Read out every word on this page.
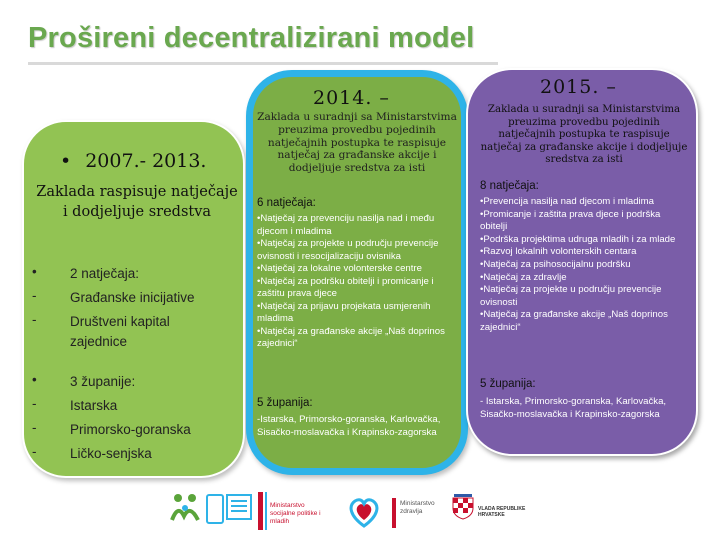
Prošireni decentralizirani model
• 2007.- 2013.
Zaklada raspisuje natječaje i dodjeljuje sredstva
•	2 natječaja:
-	Građanske inicijative
-	Društveni kapital zajednice
•	3 županije:
-	Istarska
-	Primorsko-goranska
-	Ličko-senjska
2014. –
Zaklada u suradnji sa Ministarstvima preuzima provedbu pojedinih natječajnih postupka te raspisuje natječaj za građanske akcije i dodjeljuje sredstva za isti
6 natječaja:
•Natječaj za prevenciju nasilja nad i među djecom i mladima
•Natječaj za projekte u području prevencije ovisnosti i resocijalizaciju ovisnika
•Natječaj za lokalne volonterske centre
•Natječaj za podršku obitelji i promicanje i zaštitu prava djece
•Natječaj za prijavu projekata usmjerenih mladima
•Natječaj za građanske akcije „Naš doprinos zajednici“
5 županija:
-Istarska, Primorsko-goranska, Karlovačka, Sisačko-moslavačka i Krapinsko-zagorska
2015. –
Zaklada u suradnji sa Ministarstvima preuzima provedbu pojedinih natječajnih postupka te raspisuje natječaj za građanske akcije i dodjeljuje sredstva za isti
8 natječaja:
•Prevencija nasilja nad djecom i mladima
•Promicanje i zaštita prava djece i podrška obitelji
•Podrška projektima udruga mladih i za mlade
•Razvoj lokalnih volonterskih centara
•Natječaj za psihosocijalnu podršku
•Natječaj za zdravlje
•Natječaj za projekte u području prevencije ovisnosti
•Natječaj za građanske akcije „Naš doprinos zajednici“
5 županija:
- Istarska, Primorsko-goranska, Karlovačka, Sisačko-moslavačka i Krapinsko-zagorska
Ministarstvo socijalne politike i mladih
Ministarstvo zdravlja	VLADA REPUBLIKE HRVATSKE
